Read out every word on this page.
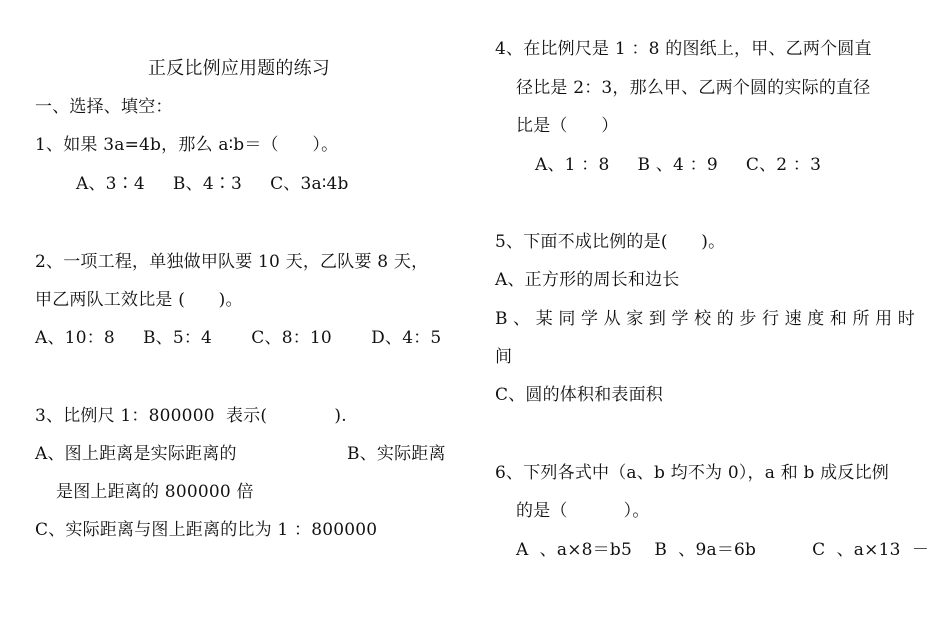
正反比例应用题的练习
一、选择、填空：
1、如果 3a=4b，那么 a∶b＝（      ）。
A、3∶4     B、4∶3     C、3a∶4b
2、一项工程，单独做甲队要 10 天，乙队要 8 天，
甲乙两队工效比是 (      )。
A、10：8     B、5：4       C、8：10       D、4：5
3、比例尺 1：800000  表示(            ).
A、图上距离是实际距离的	B、实际距离
是图上距离的 800000 倍
C、实际距离与图上距离的比为 1 ：800000
4、在比例尺是 1 ：8 的图纸上，甲、乙两个圆直
径比是 2：3，那么甲、乙两个圆的实际的直径
比是（      ）
A、1 ：8     B 、4 ：9     C、2 ：3
5、下面不成比例的是(      )。
A、正方形的周长和边长
B 、 某 同 学 从 家 到 学 校 的 步 行 速 度 和 所 用 时
间
C、圆的体积和表面积
6、下列各式中（a、b 均不为 0），a 和 b 成反比例
的是（          ）。
A  、a×8＝b5    B  、9a＝6b          C  、a×13  －
